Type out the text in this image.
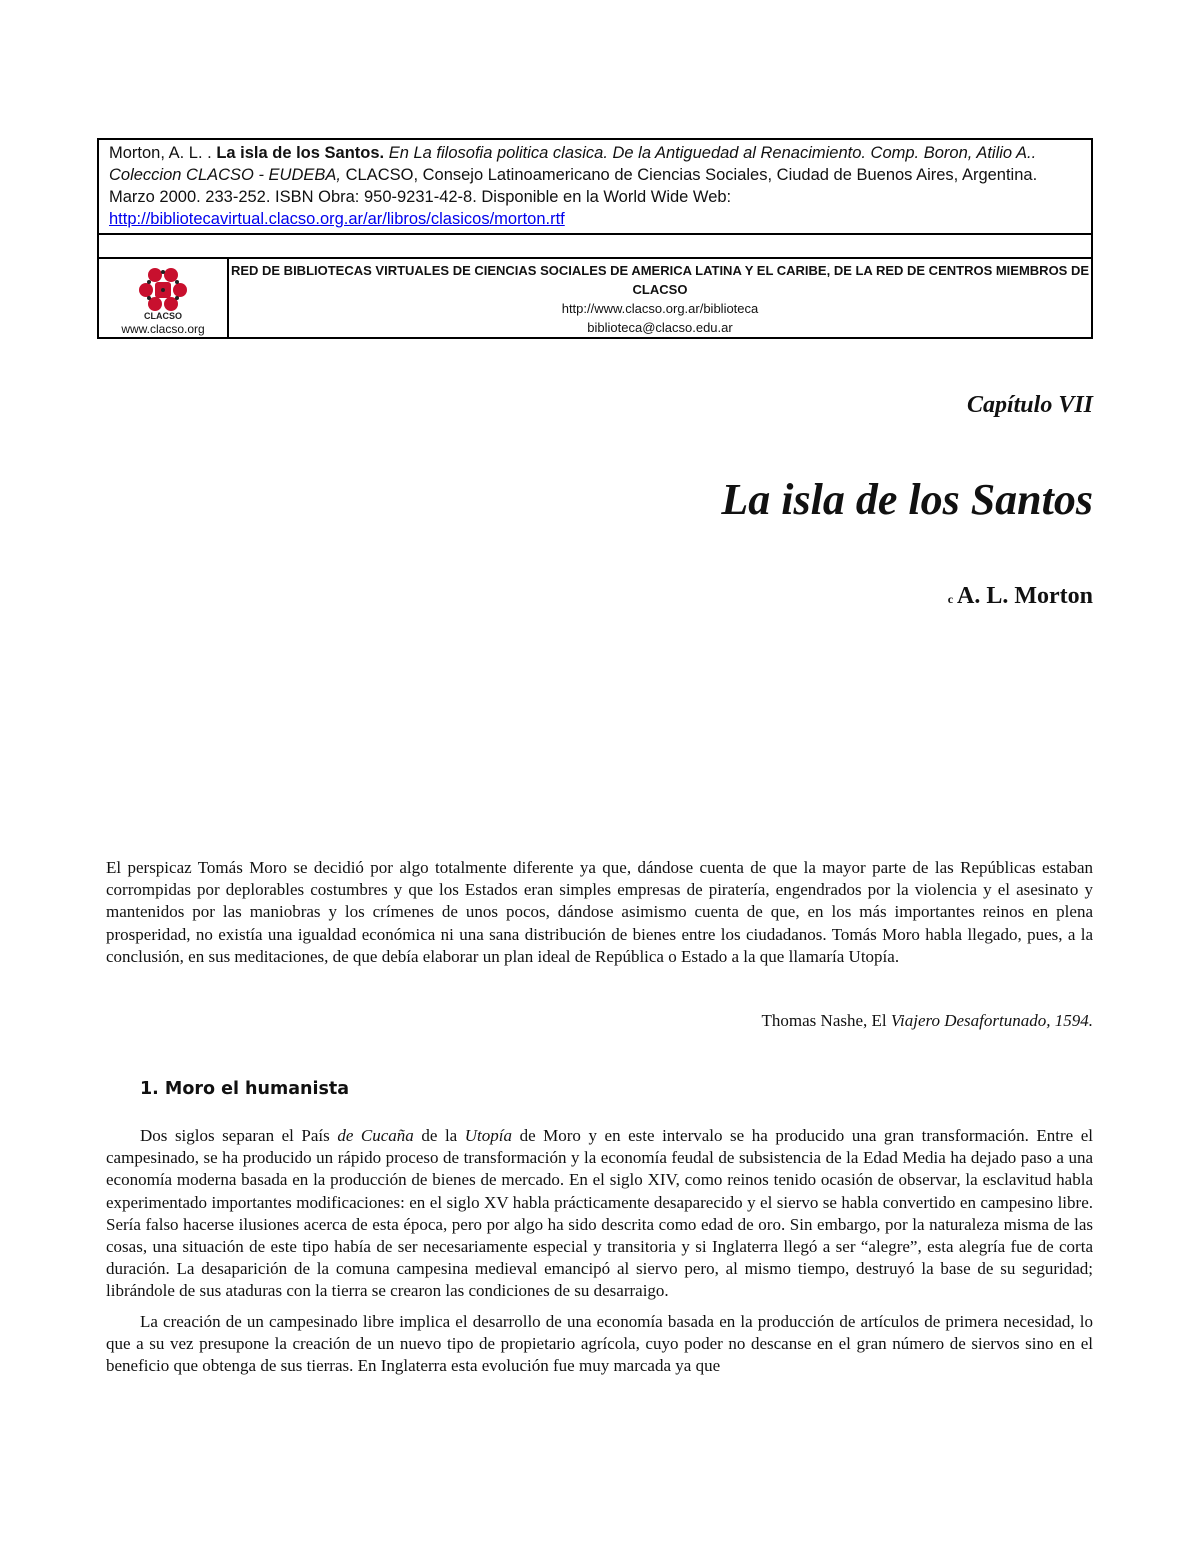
Morton, A. L. . La isla de los Santos. En La filosofia politica clasica. De la Antiguedad al Renacimiento. Comp. Boron, Atilio A.. Coleccion CLACSO - EUDEBA, CLACSO, Consejo Latinoamericano de Ciencias Sociales, Ciudad de Buenos Aires, Argentina. Marzo 2000. 233-252. ISBN Obra: 950-9231-42-8. Disponible en la World Wide Web: http://bibliotecavirtual.clacso.org.ar/ar/libros/clasicos/morton.rtf
CLACSO
www.clacso.org
RED DE BIBLIOTECAS VIRTUALES DE CIENCIAS SOCIALES DE AMERICA LATINA Y EL CARIBE, DE LA RED DE CENTROS MIEMBROS DE CLACSO
http://www.clacso.org.ar/biblioteca
biblioteca@clacso.edu.ar
Capítulo VII
La isla de los Santos
c A. L. Morton
El perspicaz Tomás Moro se decidió por algo totalmente diferente ya que, dándose cuenta de que la mayor parte de las Repúblicas estaban corrompidas por deplorables costumbres y que los Estados eran simples empresas de piratería, engendrados por la violencia y el asesinato y mantenidos por las maniobras y los crímenes de unos pocos, dándose asimismo cuenta de que, en los más importantes reinos en plena prosperidad, no existía una igualdad económica ni una sana distribución de bienes entre los ciudadanos. Tomás Moro habla llegado, pues, a la conclusión, en sus meditaciones, de que debía elaborar un plan ideal de República o Estado a la que llamaría Utopía.
Thomas Nashe, El Viajero Desafortunado, 1594.
1. Moro el humanista

Dos siglos separan el País de Cucaña de la Utopía de Moro y en este intervalo se ha producido una gran transformación. Entre el campesinado, se ha producido un rápido proceso de transformación y la economía feudal de subsistencia de la Edad Media ha dejado paso a una economía moderna basada en la producción de bienes de mercado. En el siglo XIV, como reinos tenido ocasión de observar, la esclavitud habla experimentado importantes modificaciones: en el siglo XV habla prácticamente desaparecido y el siervo se habla convertido en campesino libre. Sería falso hacerse ilusiones acerca de esta época, pero por algo ha sido descrita como edad de oro. Sin embargo, por la naturaleza misma de las cosas, una situación de este tipo había de ser necesariamente especial y transitoria y si Inglaterra llegó a ser “alegre”, esta alegría fue de corta duración. La desaparición de la comuna campesina medieval emancipó al siervo pero, al mismo tiempo, destruyó la base de su seguridad; librándole de sus ataduras con la tierra se crearon las condiciones de su desarraigo.

La creación de un campesinado libre implica el desarrollo de una economía basada en la producción de artículos de primera necesidad, lo que a su vez presupone la creación de un nuevo tipo de propietario agrícola, cuyo poder no descanse en el gran número de siervos sino en el beneficio que obtenga de sus tierras. En Inglaterra esta evolución fue muy marcada ya que
